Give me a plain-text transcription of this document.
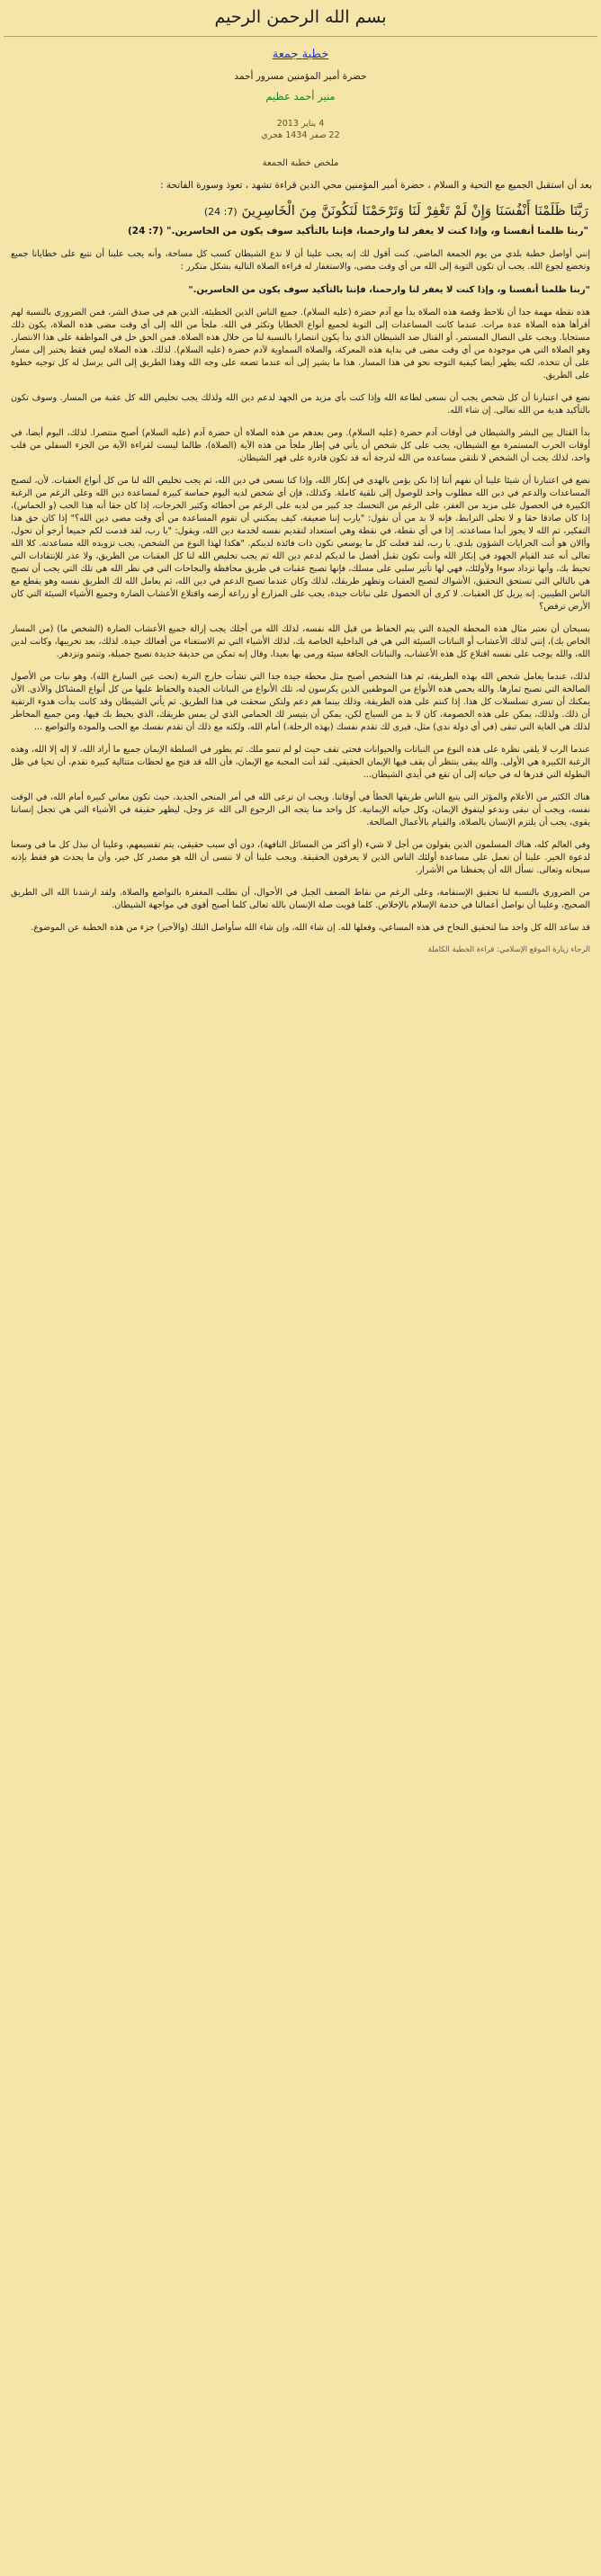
بسم الله الرحمن الرحيم
خطبة جمعة
حضرة أمير المؤمنين مسرور أحمد
منير أحمد عظيم
4 يناير 2013
22 صفر 1434 هجري
ملخص خطبة الجمعة
بعد أن استقبل الجميع مع التحية و السلام ، حضرة أمير المؤمنين محي الدين قراءة تشهد ، تعوذ وسورة الفاتحة :
رَبَّنَا ظَلَمْنَا أَنْفُسَنَا وَإِنْ لَمْ تَغْفِرْ لَنَا وَتَرْحَمْنَا لَنَكُونَنَّ مِنَ الْخَاسِرِينَ (7: 24)
"ربنا ظلمنا أنفسنا و، وإذا كنت لا يغفر لنا وارحمنا، فإننا بالتأكيد سوف يكون من الخاسرين." (7: 24)
إنني أواصل خطبة بلدي من يوم الجمعة الماضي. كنت أقول لك إنه يجب علينا أن لا ندع الشيطان كسب كل مساحة، وأنه يجب علينا أن نتبع على خطايانا جميع وتخضع لجوع الله. يجب أن تكون التوبة إلى الله من أي وقت مضى، والاستغفار له قراءة الصلاة التالية بشكل متكرر :
"ربنا ظلمنا أنفسنا و، وإذا كنت لا يغفر لنا وارحمنا، فإننا بالتأكيد سوف يكون من الخاسرين."
هذه نقطة مهمة جدا أن نلاحظ وقصة هذه الصلاة بدأ مع آدم حضرة (عليه السلام). جميع الناس الذين الخطيئة، الذين هم في صدق الشر، فمن الضروري بالنسبة لهم أقرأها هذه الصلاة عدة مرات. عندما كانت المساعدات إلى التوبة لجميع أنواع الخطايا وتكثر في الله. ملجأ من الله إلى أي وقت مضى هذه الصلاة، يكون ذلك مستجابا. ويجب على النصال المستمر، أو القتال ضد الشيطان الذي بدأ يكون انتصارا بالنسبة لنا من خلال هذه الصلاة. فمن الحق حل في المواظفة على هذا الانتصار. وهو الصلاة التي هي موجودة من أي وقت مضى في بداية هذه المعركة، والصلاة السماوية لآدم حضرة (عليه السلام). لذلك، هذه الصلاة ليس فقط يختبر إلى مسار على أن تتخذه، لكنه يظهر أيضا كيفية التوجه نحو في هذا المسار. هذا ما يشير إلى أنه عندما تضعه على وجه الله وهذا الطريق إلى التي يرسل له كل توجيه خطوة على الطريق.
نضع في اعتبارنا أن كل شخص يجب أن نسعى لطاعة الله وإذا كنت بأي مزيد من الجهد لدعم دين الله ولذلك يجب تخليص الله كل عقبة من المسار. وسوف تكون بالتأكيد هدية من الله تعالى. إن شاء الله.
بدأ القتال بين البشر والشيطان في أوقات آدم حضرة (عليه السلام). ومن بعدهم من هذه الصلاة أن حضرة آدم (عليه السلام) أصبح منتصرا. لذلك، اليوم أيضا، في أوقات الحرب المستمرة مع الشيطان، يجب على كل شخص أن يأتي في إطار ملجأ من هذه الآية (الصلاة)، طالما ليست لقراءة الآية من الجزء السفلي من قلب واحد، لذلك يجب أن الشخص لا تلتقي مساعدة من الله لدرجة أنه قد تكون قادرة على قهر الشيطان.
نضع في اعتبارنا أن شيئا علينا أن نفهم أنتا إذا نكن يؤمن بالهدى في إنكار الله، وإذا كنا نسعى في دين الله، ثم يجب تخليص الله لنا من كل أنواع العقبات. لأن، لتصبح المساعدات والدعم في دين الله مطلوب واحد للوصول إلى تلقية كاملة. وكذلك، فإن أي شخص لديه اليوم حماسة كبيرة لمساعدة دين الله وعلى الرغم من الرغبة الكبيرة في الحصول على مزيد من الغفر، على الرغم من التحسك جد كبير من لديه على الرغم من أخطائه وكثير الخرجات، إذا كان حقا أنه هذا الحب (و الحماس)، إذا كان صادقا حقا و لا تحلى الترابط، فإنه لا بد من أن نقول: "يارب إننا ضعيفة، كيف يمكنني أن تقوم المساعدة من أي وقت مضى دين الله؟" إذا كان حق هذا التفكير، ثم الله لا يجوز أبدا مساعدته. إذا في أي نقطة، في نقطة وهي استعداد لتقديم نفسه لخدمة دين الله، ويقول: "يا رب، لقد قدمت لكم جميعا أرجو أن تحول، وأالان هو أنت الجرايات الشؤون بلدي. يا رب، لقد فعلت كل ما يوسعي تكون ذات فائدة لدينكم. "هكذا لهذا النوع من الشخص، يجب تزويده الله مساعدته. كلا الله تعالى أنه عند القيام الجهود في إنكار الله وأنت تكون تقبل أفضل ما لديكم لدعم دين الله ثم يجب تخليص الله لنا كل العقبات من الطريق، ولا عذر للإنتقادات التي تحيط بك، وأنها تزداد سوءا ولأولئك، فهي لها تأثير سلبي على مسلك، فإنها تصبح عقبات في طريق محافظة والنجاحات التي في نظر الله هي تلك التي يجب أن تصبح هي بالتالي التي تستحق التحقيق، الأشواك لتصبح العقبات وتظهر طريقك، لذلك وكان عندما تصبح الدعم في دين الله، ثم يعامل الله لك الطريق نفسه وهو يقطع مع الناس الطيبين. إنه يزيل كل العقبات. لا كرى أن الحصول على نباتات جيدة، يجب على المزارع أو زراعة أرضه واقتلاع الأعشاب الضارة وجميع الأشياء السيئة التي كان الأرض ترفض؟
بسبحان أن نعتبر مثال هذه المحطة الجيدة التي يتم الحفاظ من قبل الله نفسه، لذلك الله من أجلك يجب إزالة جميع الأعشاب الضارة (الشخص ما) (من المسار الخاص بك)، إنني لذلك الأعشاب أو النباتات السيئة التي هي في الداخلية الخاصة بك، لذلك الأشياء التي تم الاستغناء من أفعالك جيدة. لذلك، بعد تخريبها، وكانت لدين الله، والله يوجب على نفسه اقتلاع كل هذه الأعشاب، والنباتات الجافة سيئة ورمى بها بعيدا، وقال إنه تمكن من حديقة جديدة تصبح جميلة، وتنمو وتزدهر.
لذلك، عندما يعامل شخص الله بهذه الطريقة، ثم هذا الشخص أصبح مثل محطة جيدة جدا التي تشأت خارج التربة (تحت عين السارع الله)، وهو نبات من الأصول الصالحة التي تصبح ثمارها. والله يحمي هذه الأنواع من الموظفين الذين يكرسون له، تلك الأنواع من النباتات الجيدة والحفاظ عليها من كل أنواع المشاكل والأذى. الآن يمكنك أن تسرى تسلسلات كل هذا. إذا كنتم على هذه الطريقة، وذلك بينما هم دعم ولتكن سحقت في هذا الطريق. ثم يأتي الشيطان وقد كانت بدأت هدوء الرتقية أن ذلك. ولذلك، يمكن على هذه الخصومة، كان لا بد من السياج لكن، يمكن أن يتيسر لك الحمامي الذي لن يمس طريقك، الذي يحيط بك فيها، ومن جميع المخاطر لذلك هي الغاية التي تبقى (في أي دولة ندى) مثل، فيرى لك تقدم نفسك (بهذه الرحلة،) أمام الله، ولكنه مع ذلك أن تقدم نفسك مع الحب والمودة والتواضع ...
عندما الرب لا يلقى نظرة على هذه النوع من النباتات والحيوانات فحتى تقف حيث لو لم تنمو ملك. ثم يطور في السلطة الإيمان جميع ما أراد الله، لا إله إلا الله، وهذه الرغبة الكبيرة هي الأولى. والله يبقى ينتظر أن يقف فيها الإيمان الحقيقي. لقد أتت المحبة مع الإيمان، فأن الله قد فتح مع لحظات متتالية كبيرة تقدم، أن تحيا في ظل البطولة التي قدرها له في حياته إلى أن تقع في أيدي الشيطان...
هناك الكثير من الأعلام والمؤثر التي يتبع الناس طريقها الخطأ في أوقاتنا. ويجب ان ترعى الله في أمر المنحى الجديد، حيث تكون معاني كبيرة أمام الله، في الوقت نفسه، ويجب أن نبقى وندعو ليتفوق الإيمان، وكل حياته الإيمانية. كل واحد منا يتجه الى الرجوع الى الله عز وجل، ليظهر حقيقة في الأشياء التي هي تجعل إنساننا يقوى، يجب أن يلتزم الإنسان بالصلاة، والقيام بالأعمال الصالحة.
وفي العالم كله، هناك المسلمون الذين يقولون من أجل لا شيء (أو أكثر من المسائل التافهة)، دون أي سبب حقيقي، يتم تقسيمهم، وعلينا أن نبذل كل ما في وسعنا لدعوة الخير. علينا أن نعمل على مساعدة أولئك الناس الذين لا يعرفون الحقيقة. ويجب علينا أن لا ننسى أن الله هو مصدر كل خير، وأن ما يحدث هو فقط بإذنه سبحانه وتعالى. نسأل الله أن يحفظنا من الأشرار.
من الضروري بالنسبة لنا تحقيق الإستقامة، وعلى الرغم من نقاط الضعف الجبل في الأحوال، أن نطلب المغفرة بالتواضع والصلاة. ولقد ارشدنا الله الى الطريق الصحيح، وعلينا أن نواصل أعمالنا في خدمة الإسلام بالإخلاص. كلما قويت صلة الإنسان بالله تعالى كلما أصبح أقوى في مواجهة الشيطان.
قد ساعد الله كل واحد منا لتحقيق النجاح في هذه المساعي، وفعلها لله. إن شاء الله، وإن شاء الله سأواصل التلك (والآخير) جزء من هذه الخطبة عن الموضوع.
الرجاء زيارة الموقع الإسلامي: قراءة الخطبة الكاملة
